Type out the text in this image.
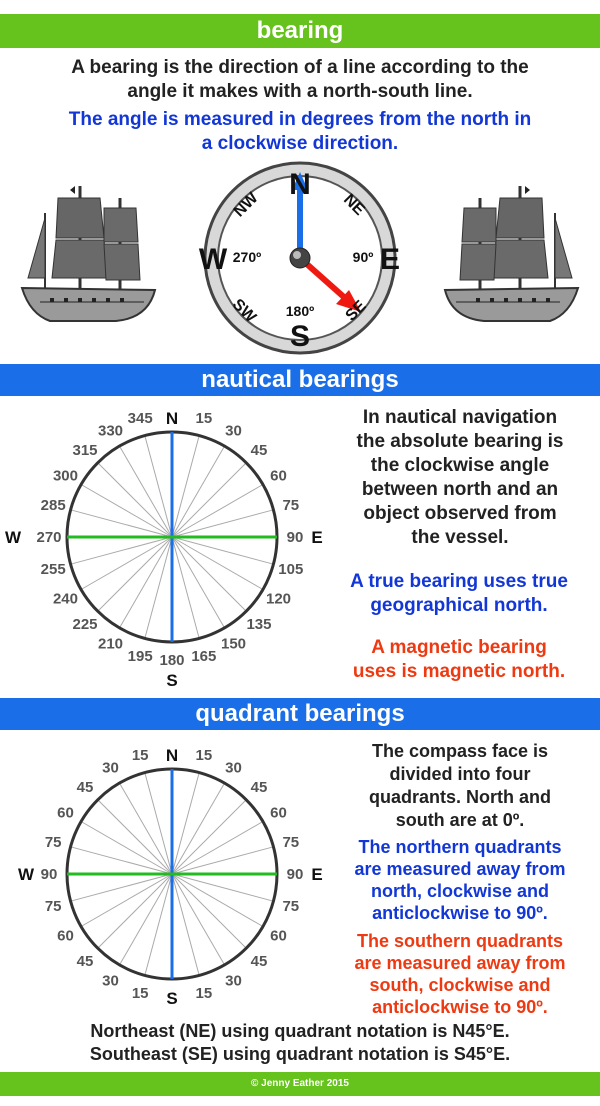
bearing
A bearing is the direction of a line according to the
angle it makes with a north-south line.
The angle is measured in degrees from the north in
a clockwise direction.
N
S
E
W
NW	NE
SW	SE
90º
180º
270º
nautical bearings
345	15
330	30
315	45
300	60
285	75
270	90
255	105
240	120
225	135
210	150
195	165
180
N
S
E
W
In nautical navigation
the absolute bearing is
the clockwise angle
between north and an
object observed from
the vessel.
A true bearing uses true
geographical north.
A magnetic bearing
uses is magnetic north.
quadrant bearings
15
15
15
15
30
30
30
30
45
45
45
45
60
60
60
60
75
75
75
75
90
90
N
S
E
W
The compass face is
divided into four
quadrants. North and
south are at 0º.
The northern quadrants
are measured away from
north, clockwise and
anticlockwise to 90º.
The southern quadrants
are measured away from
south, clockwise and
anticlockwise to 90º.
Northeast (NE) using quadrant notation is N45°E.
Southeast (SE) using quadrant notation is S45°E.
© Jenny Eather 2015
